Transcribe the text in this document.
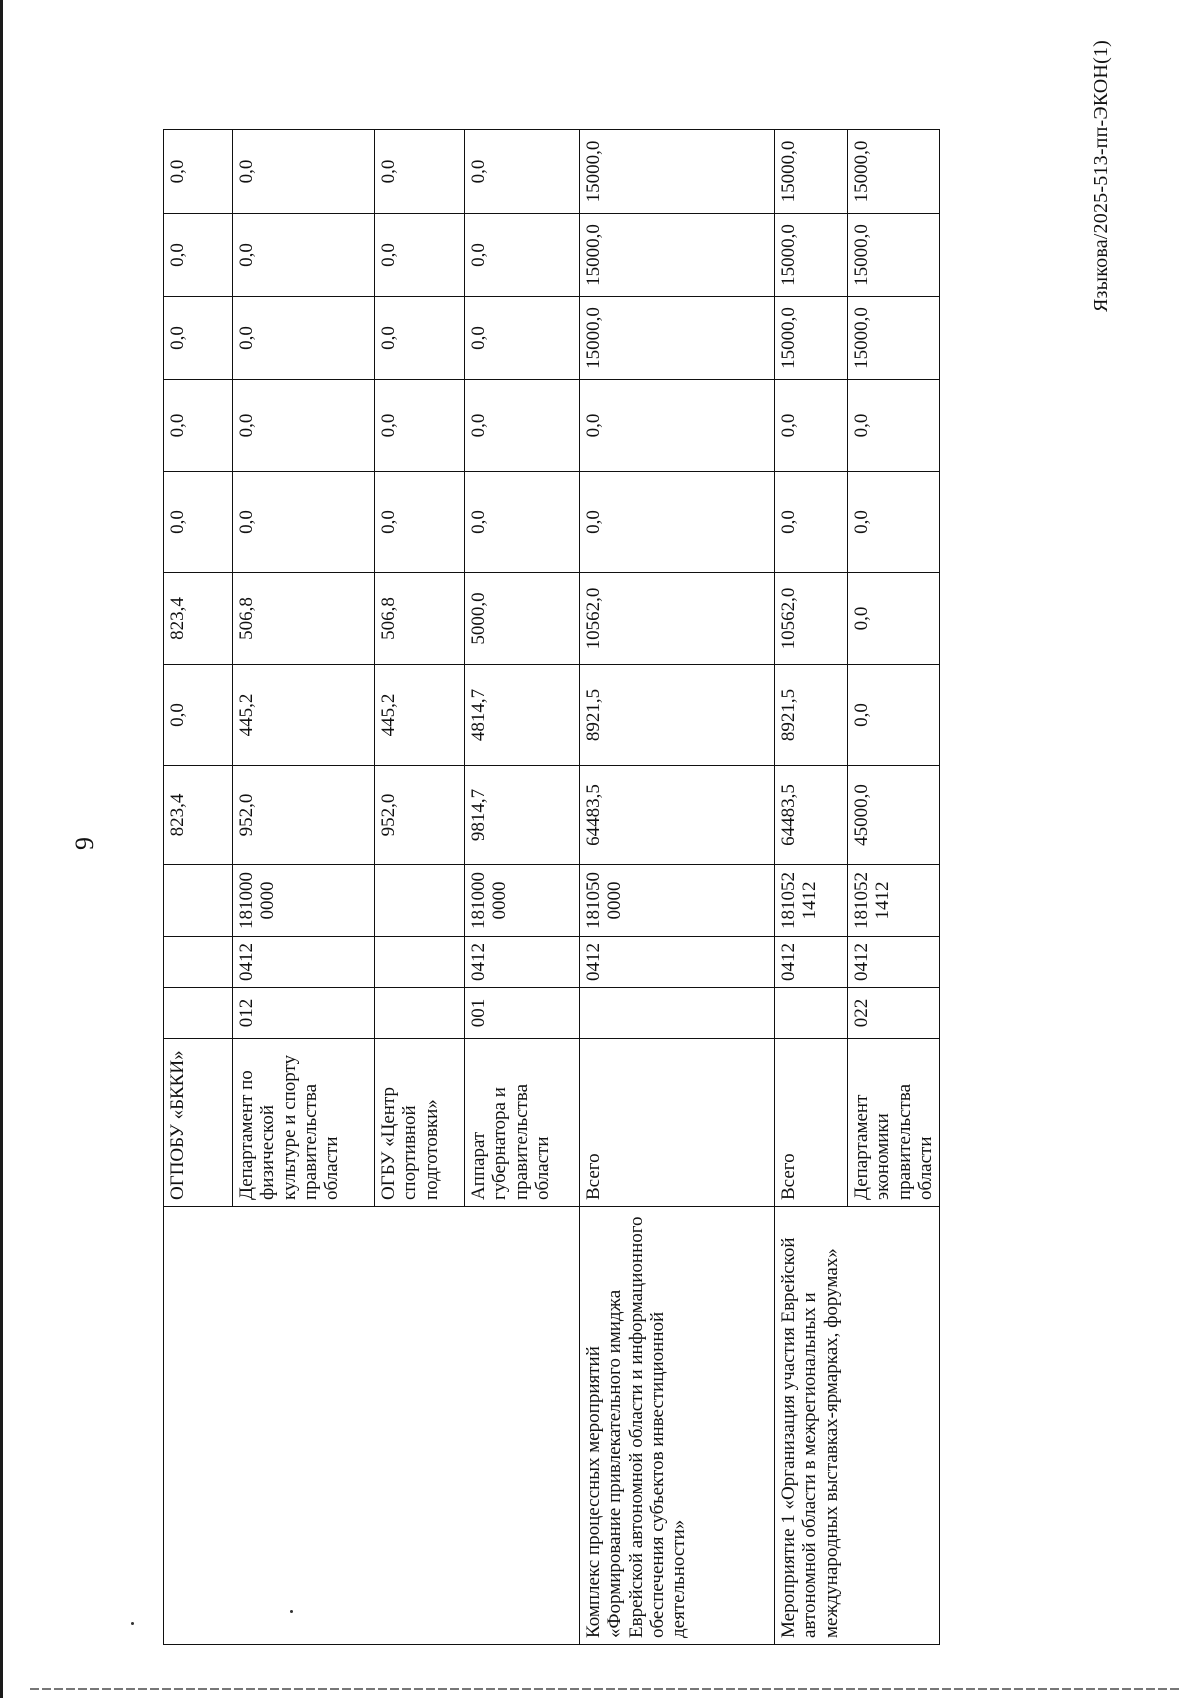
9
	ОГПОБУ «БККИ»				823,4	0,0	823,4	0,0	0,0	0,0	0,0	0,0
	Департамент по физической культуре и спорту правительства области	012	0412	1810000000	952,0	445,2	506,8	0,0	0,0	0,0	0,0	0,0
	ОГБУ «Центр спортивной подготовки»				952,0	445,2	506,8	0,0	0,0	0,0	0,0	0,0
	Аппарат губернатора и правительства области	001	0412	1810000000	9814,7	4814,7	5000,0	0,0	0,0	0,0	0,0	0,0
Комплекс процессных мероприятий «Формирование привлекательного имиджа Еврейской автономной области и информационного обеспечения субъектов инвестиционной деятельности»	Всего		0412	1810500000	64483,5	8921,5	10562,0	0,0	0,0	15000,0	15000,0	15000,0
Мероприятие 1 «Организация участия Еврейской автономной области в межрегиональных и международных выставках-ярмарках, форумах»	Всего		0412	1810521412	64483,5	8921,5	10562,0	0,0	0,0	15000,0	15000,0	15000,0
	Департамент экономики правительства области	022	0412	1810521412	45000,0	0,0	0,0	0,0	0,0	15000,0	15000,0	15000,0	Языкова/2025-513-пп-ЭКОН(1)
